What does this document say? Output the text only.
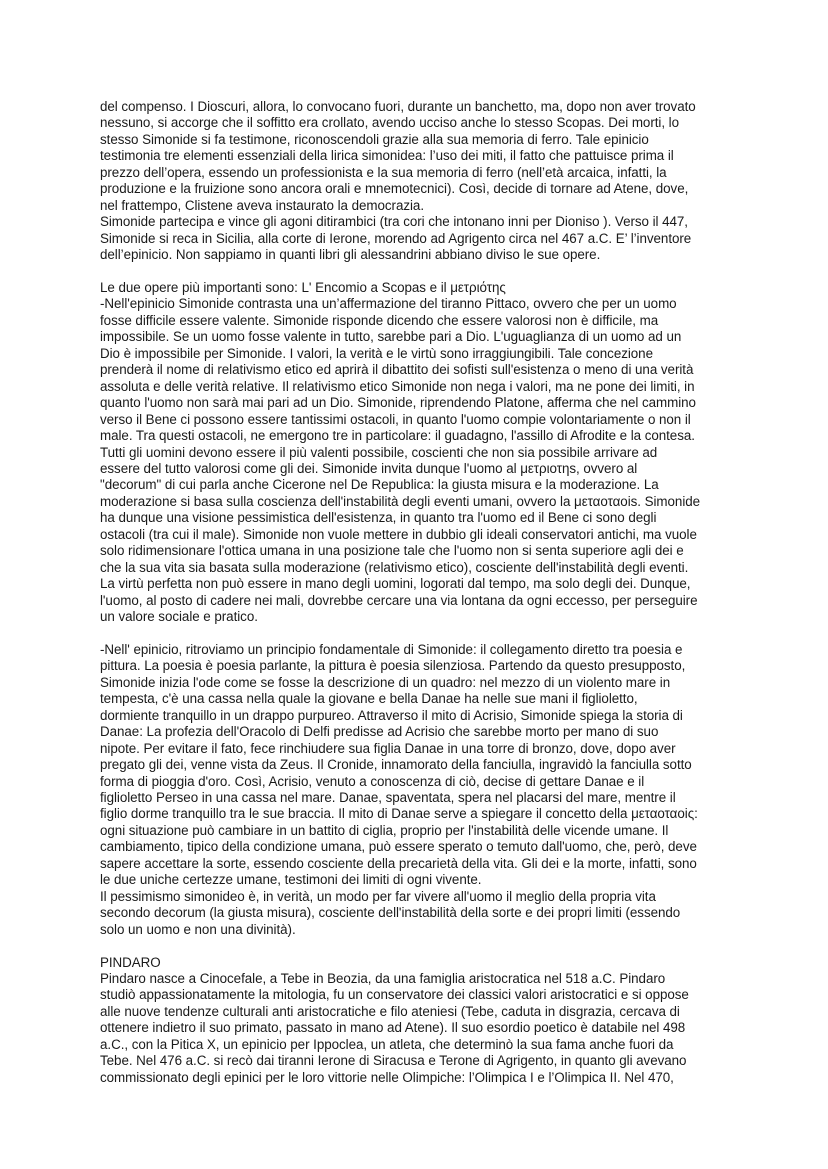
del compenso. I Dioscuri, allora, lo convocano fuori, durante un banchetto, ma, dopo non aver trovato
nessuno, si accorge che il soffitto era crollato, avendo ucciso anche lo stesso Scopas. Dei morti, lo
stesso Simonide si fa testimone, riconoscendoli grazie alla sua memoria di ferro. Tale epinicio
testimonia tre elementi essenziali della lirica simonidea: l’uso dei miti, il fatto che pattuisce prima il
prezzo dell’opera, essendo un professionista e la sua memoria di ferro (nell’età arcaica, infatti, la
produzione e la fruizione sono ancora orali e mnemotecnici). Così, decide di tornare ad Atene, dove,
nel frattempo, Clistene aveva instaurato la democrazia.
Simonide partecipa e vince gli agoni ditirambici (tra cori che intonano inni per Dioniso ). Verso il 447,
Simonide si reca in Sicilia, alla corte di Ierone, morendo ad Agrigento circa nel 467 a.C. E’ l’inventore
dell’epinicio. Non sappiamo in quanti libri gli alessandrini abbiano diviso le sue opere.
Le due opere più importanti sono: L' Encomio a Scopas e il μετριότης
-Nell'epinicio Simonide contrasta una un’affermazione del tiranno Pittaco, ovvero che per un uomo
fosse difficile essere valente. Simonide risponde dicendo che essere valorosi non è difficile, ma
impossibile. Se un uomo fosse valente in tutto, sarebbe pari a Dio. L'uguaglianza di un uomo ad un
Dio è impossibile per Simonide. I valori, la verità e le virtù sono irraggiungibili. Tale concezione
prenderà il nome di relativismo etico ed aprirà il dibattito dei sofisti sull'esistenza o meno di una verità
assoluta e delle verità relative. Il relativismo etico Simonide non nega i valori, ma ne pone dei limiti, in
quanto l'uomo non sarà mai pari ad un Dio. Simonide, riprendendo Platone, afferma che nel cammino
verso il Bene ci possono essere tantissimi ostacoli, in quanto l'uomo compie volontariamente o non il
male. Tra questi ostacoli, ne emergono tre in particolare: il guadagno, l'assillo di Afrodite e la contesa.
Tutti gli uomini devono essere il più valenti possibile, coscienti che non sia possibile arrivare ad
essere del tutto valorosi come gli dei. Simonide invita dunque l'uomo al μετριοτηs, ovvero al
"decorum" di cui parla anche Cicerone nel De Republica: la giusta misura e la moderazione. La
moderazione si basa sulla coscienza dell'instabilità degli eventi umani, ovvero la μεταοταοis. Simonide
ha dunque una visione pessimistica dell'esistenza, in quanto tra l'uomo ed il Bene ci sono degli
ostacoli (tra cui il male). Simonide non vuole mettere in dubbio gli ideali conservatori antichi, ma vuole
solo ridimensionare l'ottica umana in una posizione tale che l'uomo non si senta superiore agli dei e
che la sua vita sia basata sulla moderazione (relativismo etico), cosciente dell'instabilità degli eventi.
La virtù perfetta non può essere in mano degli uomini, logorati dal tempo, ma solo degli dei. Dunque,
l'uomo, al posto di cadere nei mali, dovrebbe cercare una via lontana da ogni eccesso, per perseguire
un valore sociale e pratico.
-Nell' epinicio, ritroviamo un principio fondamentale di Simonide: il collegamento diretto tra poesia e
pittura. La poesia è poesia parlante, la pittura è poesia silenziosa. Partendo da questo presupposto,
Simonide inizia l'ode come se fosse la descrizione di un quadro: nel mezzo di un violento mare in
tempesta, c'è una cassa nella quale la giovane e bella Danae ha nelle sue mani il figlioletto,
dormiente tranquillo in un drappo purpureo. Attraverso il mito di Acrisio, Simonide spiega la storia di
Danae: La profezia dell'Oracolo di Delfi predisse ad Acrisio che sarebbe morto per mano di suo
nipote. Per evitare il fato, fece rinchiudere sua figlia Danae in una torre di bronzo, dove, dopo aver
pregato gli dei, venne vista da Zeus. Il Cronide, innamorato della fanciulla, ingravidò la fanciulla sotto
forma di pioggia d'oro. Così, Acrisio, venuto a conoscenza di ciò, decise di gettare Danae e il
figlioletto Perseo in una cassa nel mare. Danae, spaventata, spera nel placarsi del mare, mentre il
figlio dorme tranquillo tra le sue braccia. Il mito di Danae serve a spiegare il concetto della μεταοταοiς:
ogni situazione può cambiare in un battito di ciglia, proprio per l'instabilità delle vicende umane. Il
cambiamento, tipico della condizione umana, può essere sperato o temuto dall'uomo, che, però, deve
sapere accettare la sorte, essendo cosciente della precarietà della vita. Gli dei e la morte, infatti, sono
le due uniche certezze umane, testimoni dei limiti di ogni vivente.
Il pessimismo simonideo è, in verità, un modo per far vivere all'uomo il meglio della propria vita
secondo decorum (la giusta misura), cosciente dell'instabilità della sorte e dei propri limiti (essendo
solo un uomo e non una divinità).
PINDARO
Pindaro nasce a Cinocefale, a Tebe in Beozia, da una famiglia aristocratica nel 518 a.C. Pindaro
studiò appassionatamente la mitologia, fu un conservatore dei classici valori aristocratici e si oppose
alle nuove tendenze culturali anti aristocratiche e filo ateniesi (Tebe, caduta in disgrazia, cercava di
ottenere indietro il suo primato, passato in mano ad Atene). Il suo esordio poetico è databile nel 498
a.C., con la Pitica X, un epinicio per Ippoclea, un atleta, che determinò la sua fama anche fuori da
Tebe. Nel 476 a.C. si recò dai tiranni Ierone di Siracusa e Terone di Agrigento, in quanto gli avevano
commissionato degli epinici per le loro vittorie nelle Olimpiche: l’Olimpica I e l’Olimpica II. Nel 470,
